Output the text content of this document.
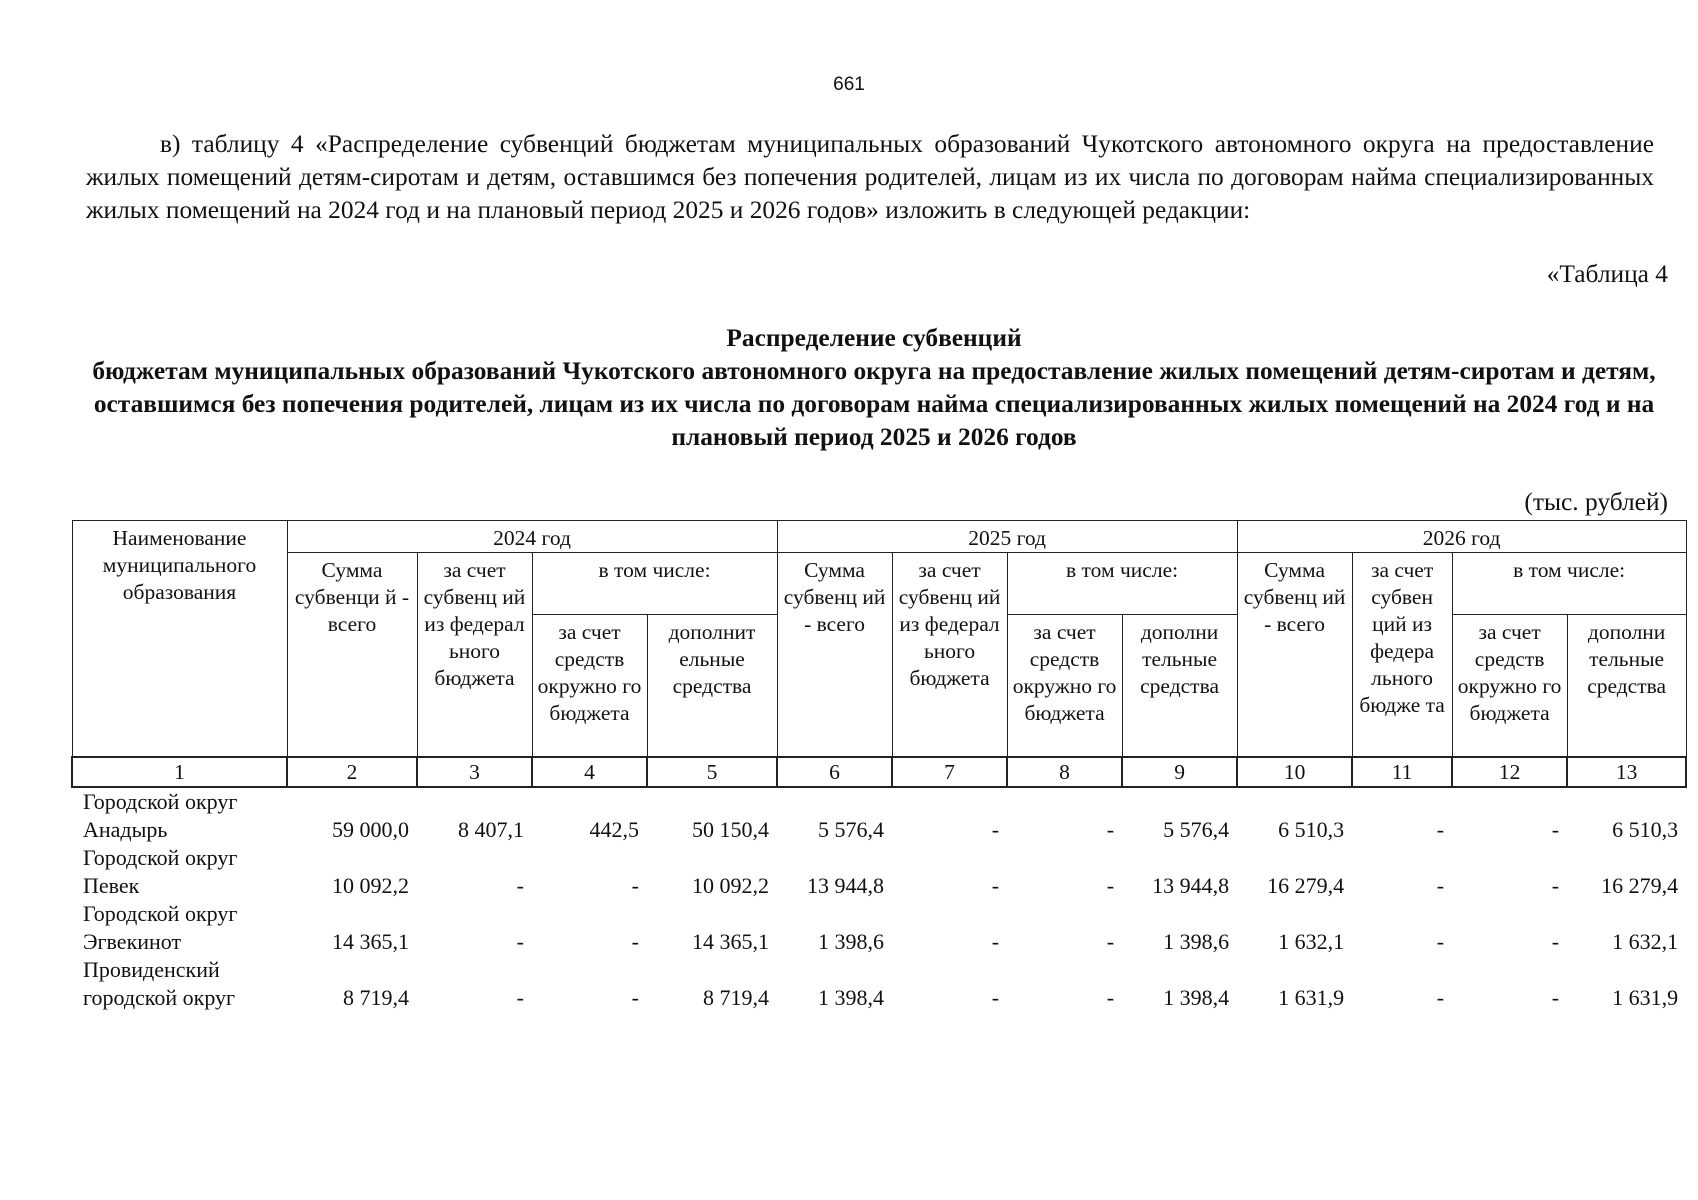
661
в) таблицу 4 «Распределение субвенций бюджетам муниципальных образований Чукотского автономного округа на предоставление жилых помещений детям-сиротам и детям, оставшимся без попечения родителей, лицам из их числа по договорам найма специализированных жилых помещений на 2024 год и на плановый период 2025 и 2026 годов» изложить в следующей редакции:
«Таблица 4
Распределение субвенций
бюджетам муниципальных образований Чукотского автономного округа на предоставление жилых помещений детям-сиротам и детям, оставшимся без попечения родителей, лицам из их числа по договорам найма специализированных жилых помещений на 2024 год и на плановый период 2025 и 2026 годов
(тыс. рублей)
Наименование муниципального образования	2024 год				2025 год				2026 год			
	Сумма субвенци й - всего	за счет субвенц ий из федерал ьного бюджета	в том числе:		Сумма субвенц ий - всего	за счет субвенц ий из федерал ьного бюджета	в том числе:		Сумма субвенц ий - всего	за счет субвен ций из федера льного бюдже та	в том числе:	
			за счет средств окружно го бюджета	дополнит ельные средства			за счет средств окружно го бюджета	дополни тельные средства			за счет средств окружно го бюджета	дополни тельные средства
1	2	3	4	5	6	7	8	9	10	11	12	13

Городской округ
Анадырь	59 000,0	8 407,1	442,5	50 150,4	5 576,4	-	-	5 576,4	6 510,3	-	-	6 510,3

Городской округ
Певек	10 092,2	-	-	10 092,2	13 944,8	-	-	13 944,8	16 279,4	-	-	16 279,4

Городской округ
Эгвекинот	14 365,1	-	-	14 365,1	1 398,6	-	-	1 398,6	1 632,1	-	-	1 632,1

Провиденский
городской округ	8 719,4	-	-	8 719,4	1 398,4	-	-	1 398,4	1 631,9	-	-	1 631,9
